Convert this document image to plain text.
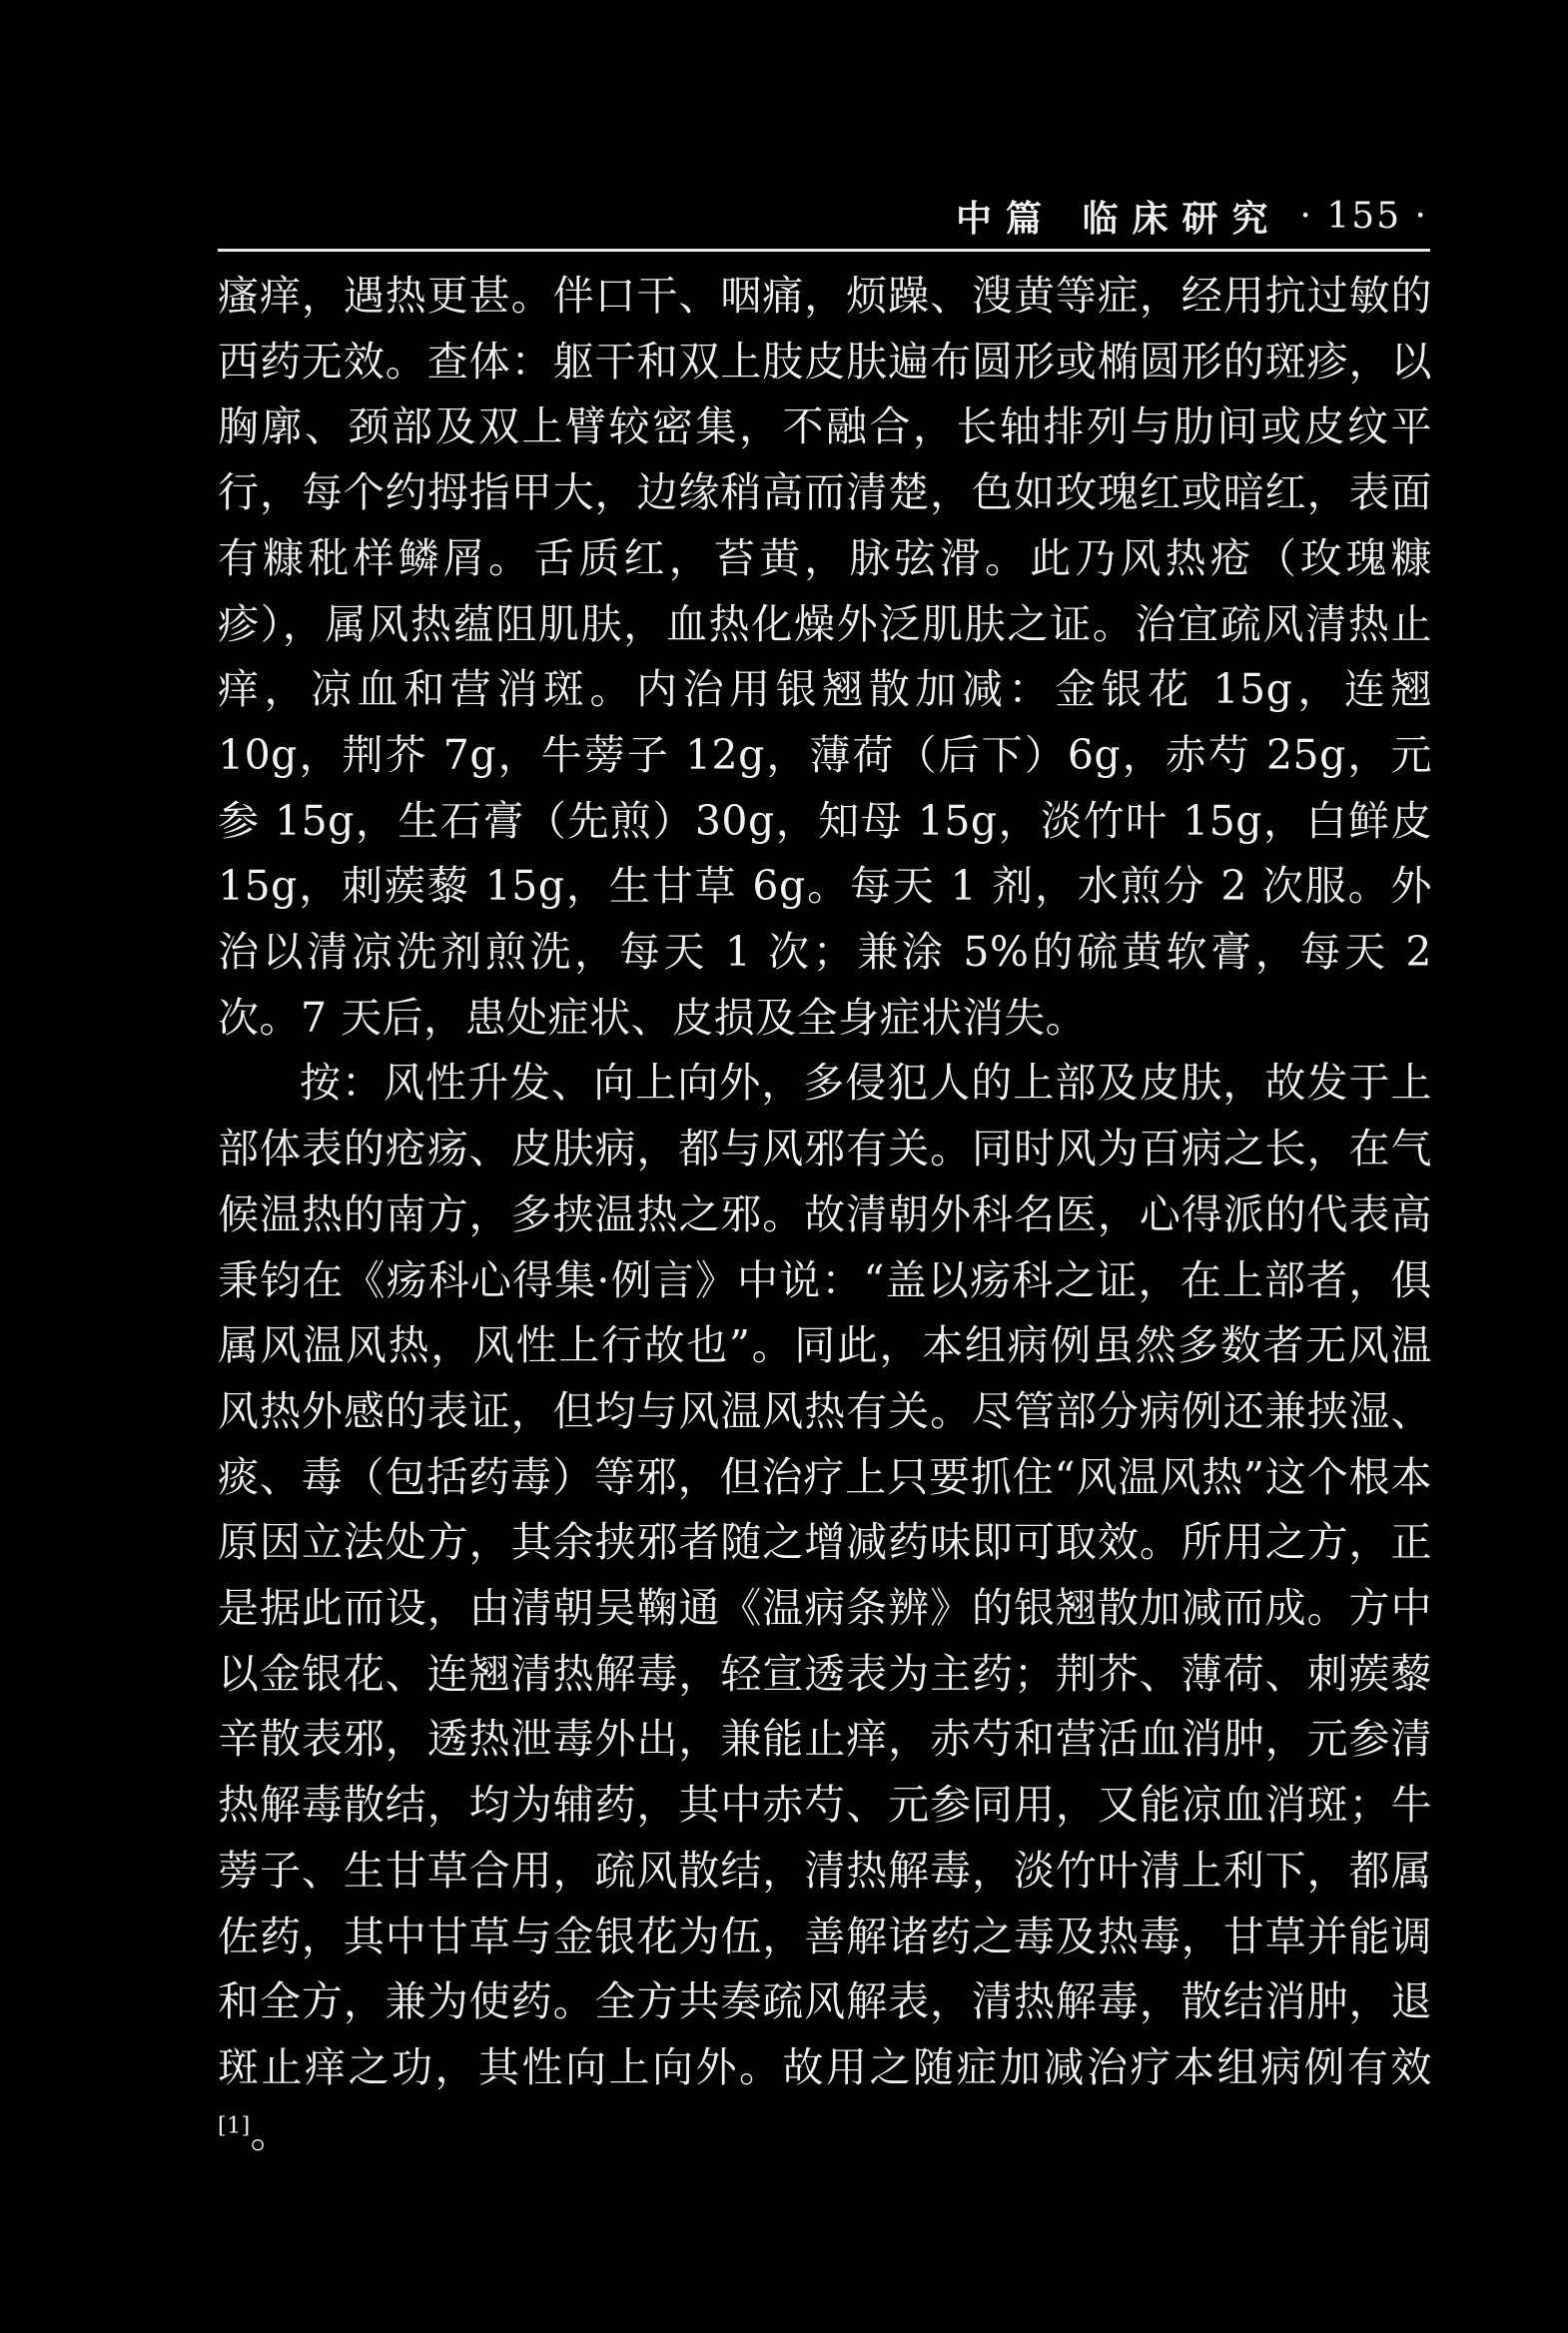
中篇 临床研究 · 155 ·

瘙痒，遇热更甚。伴口干、咽痛，烦躁、溲黄等症，经用抗过敏的西药无效。查体：躯干和双上肢皮肤遍布圆形或椭圆形的斑疹，以胸廓、颈部及双上臂较密集，不融合，长轴排列与肋间或皮纹平行，每个约拇指甲大，边缘稍高而清楚，色如玫瑰红或暗红，表面有糠秕样鳞屑。舌质红，苔黄，脉弦滑。此乃风热疮（玫瑰糠疹），属风热蕴阻肌肤，血热化燥外泛肌肤之证。治宜疏风清热止痒，凉血和营消斑。内治用银翘散加减：金银花 15g，连翘 10g，荆芥 7g，牛蒡子 12g，薄荷（后下）6g，赤芍 25g，元参 15g，生石膏（先煎）30g，知母 15g，淡竹叶 15g，白鲜皮 15g，刺蒺藜 15g，生甘草 6g。每天 1 剂，水煎分 2 次服。外治以清凉洗剂煎洗，每天 1 次；兼涂 5%的硫黄软膏，每天 2 次。7 天后，患处症状、皮损及全身症状消失。

按：风性升发、向上向外，多侵犯人的上部及皮肤，故发于上部体表的疮疡、皮肤病，都与风邪有关。同时风为百病之长，在气候温热的南方，多挟温热之邪。故清朝外科名医，心得派的代表高秉钧在《疡科心得集·例言》中说：“盖以疡科之证，在上部者，俱属风温风热，风性上行故也”。同此，本组病例虽然多数者无风温风热外感的表证，但均与风温风热有关。尽管部分病例还兼挟湿、痰、毒（包括药毒）等邪，但治疗上只要抓住“风温风热”这个根本原因立法处方，其余挟邪者随之增减药味即可取效。所用之方，正是据此而设，由清朝吴鞠通《温病条辨》的银翘散加减而成。方中以金银花、连翘清热解毒，轻宣透表为主药；荆芥、薄荷、刺蒺藜辛散表邪，透热泄毒外出，兼能止痒，赤芍和营活血消肿，元参清热解毒散结，均为辅药，其中赤芍、元参同用，又能凉血消斑；牛蒡子、生甘草合用，疏风散结，清热解毒，淡竹叶清上利下，都属佐药，其中甘草与金银花为伍，善解诸药之毒及热毒，甘草并能调和全方，兼为使药。全方共奏疏风解表，清热解毒，散结消肿，退斑止痒之功，其性向上向外。故用之随症加减治疗本组病例有效[1]。
